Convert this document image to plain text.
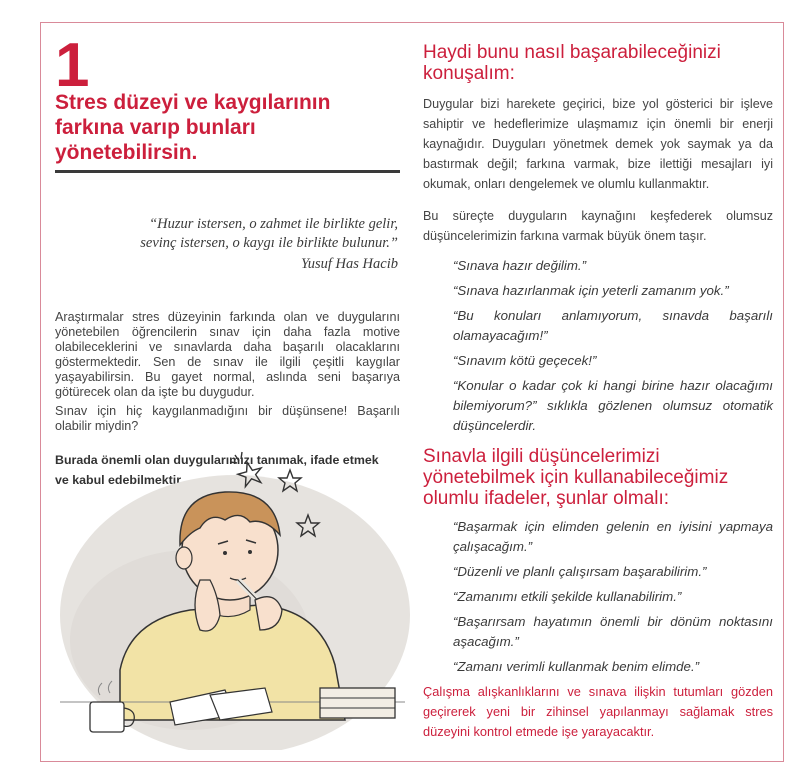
1
Stres düzeyi ve kaygılarının farkına varıp bunları yönetebilirsin.
“Huzur istersen, o zahmet ile birlikte gelir,
sevinç istersen, o kaygı ile birlikte bulunur.”
Yusuf Has Hacib

Araştırmalar stres düzeyinin farkında olan ve duygularını yönetebilen öğrencilerin sınav için daha fazla motive olabileceklerini ve sınavlarda daha başarılı olacaklarını göstermektedir. Sen de sınav ile ilgili çeşitli kaygılar yaşayabilirsin. Bu gayet normal, aslında seni başarıya götürecek olan da işte bu duygudur.

Sınav için hiç kaygılanmadığını bir düşünsene! Başarılı olabilir miydin?

Burada önemli olan duygularımızı tanımak, ifade etmek ve kabul edebilmektir.
Haydi bunu nasıl başarabileceğinizi konuşalım:

Duygular bizi harekete geçirici, bize yol gösterici bir işleve sahiptir ve hedeflerimize ulaşmamız için önemli bir enerji kaynağıdır. Duyguları yönetmek demek yok saymak ya da bastırmak değil; farkına varmak, bize ilettiği mesajları iyi okumak, onları dengelemek ve olumlu kullanmaktır.

Bu süreçte duyguların kaynağını keşfederek olumsuz düşüncelerimizin farkına varmak büyük önem taşır.

“Sınava hazır değilim.”
“Sınava hazırlanmak için yeterli zamanım yok.”
“Bu konuları anlamıyorum, sınavda başarılı olamayacağım!”
“Sınavım kötü geçecek!”
“Konular o kadar çok ki hangi birine hazır olacağımı bilemiyorum?” sıklıkla gözlenen olumsuz otomatik düşüncelerdir.
Sınavla ilgili düşüncelerimizi yönetebilmek için kullanabileceğimiz olumlu ifadeler, şunlar olmalı:
“Başarmak için elimden gelenin en iyisini yapmaya çalışacağım.”
“Düzenli ve planlı çalışırsam başarabilirim.”
“Zamanımı etkili şekilde kullanabilirim.”
“Başarırsam hayatımın önemli bir dönüm noktasını aşacağım.”
“Zamanı verimli kullanmak benim elimde.”

Çalışma alışkanlıklarını ve sınava ilişkin tutumları gözden geçirerek yeni bir zihinsel yapılanmayı sağlamak stres düzeyini kontrol etmede işe yarayacaktır.
